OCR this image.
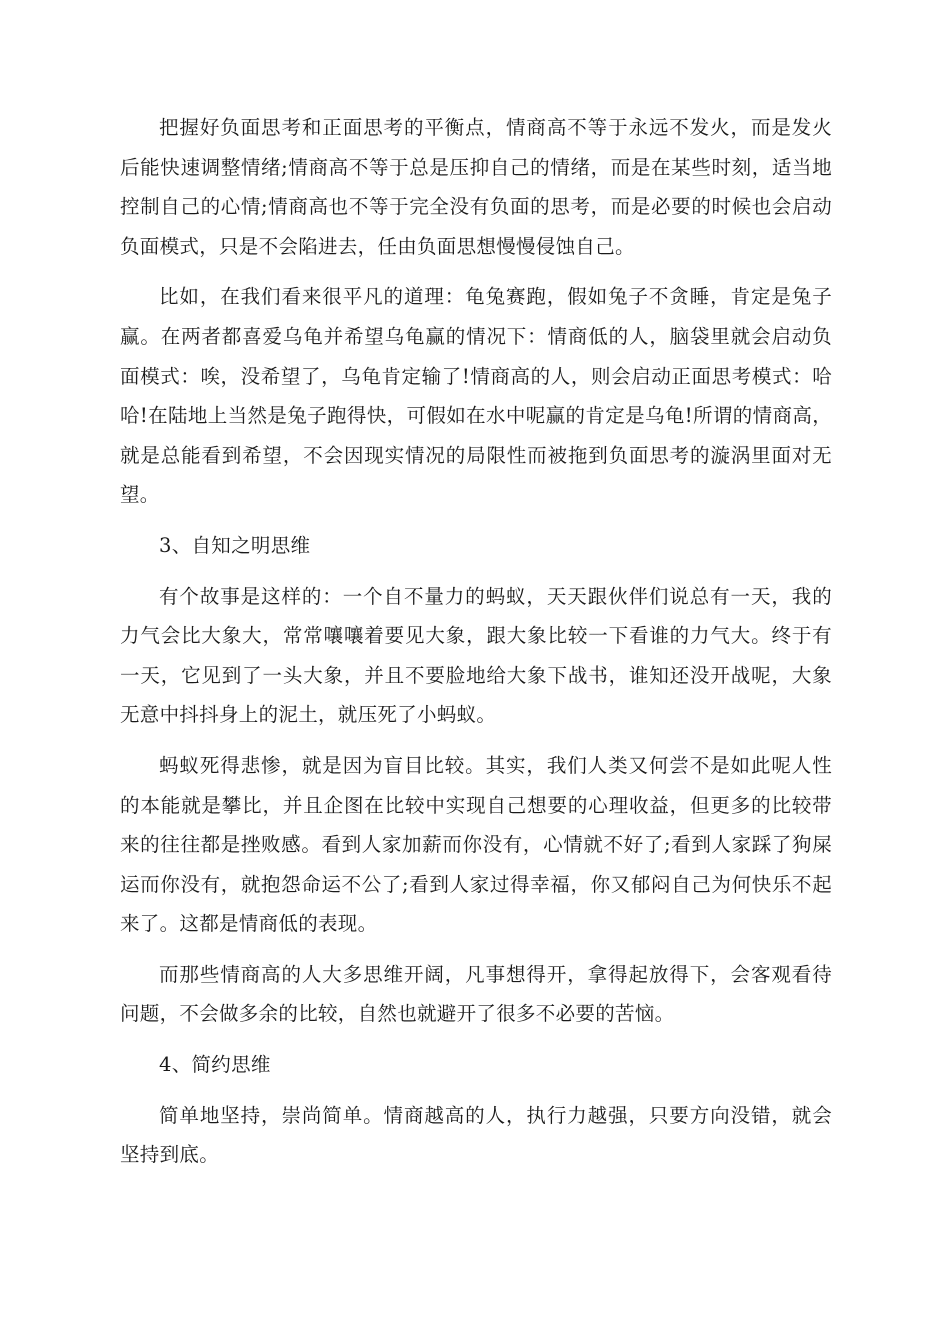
把握好负面思考和正面思考的平衡点，情商高不等于永远不发火，而是发火后能快速调整情绪;情商高不等于总是压抑自己的情绪，而是在某些时刻，适当地控制自己的心情;情商高也不等于完全没有负面的思考，而是必要的时候也会启动负面模式，只是不会陷进去，任由负面思想慢慢侵蚀自己。

比如，在我们看来很平凡的道理：龟兔赛跑，假如兔子不贪睡，肯定是兔子赢。在两者都喜爱乌龟并希望乌龟赢的情况下：情商低的人，脑袋里就会启动负面模式：唉，没希望了，乌龟肯定输了!情商高的人，则会启动正面思考模式：哈哈!在陆地上当然是兔子跑得快，可假如在水中呢赢的肯定是乌龟!所谓的情商高，就是总能看到希望，不会因现实情况的局限性而被拖到负面思考的漩涡里面对无望。

3、自知之明思维

有个故事是这样的：一个自不量力的蚂蚁，天天跟伙伴们说总有一天，我的力气会比大象大，常常嚷嚷着要见大象，跟大象比较一下看谁的力气大。终于有一天，它见到了一头大象，并且不要脸地给大象下战书，谁知还没开战呢，大象无意中抖抖身上的泥土，就压死了小蚂蚁。

蚂蚁死得悲惨，就是因为盲目比较。其实，我们人类又何尝不是如此呢人性的本能就是攀比，并且企图在比较中实现自己想要的心理收益，但更多的比较带来的往往都是挫败感。看到人家加薪而你没有，心情就不好了;看到人家踩了狗屎运而你没有，就抱怨命运不公了;看到人家过得幸福，你又郁闷自己为何快乐不起来了。这都是情商低的表现。

而那些情商高的人大多思维开阔，凡事想得开，拿得起放得下，会客观看待问题，不会做多余的比较，自然也就避开了很多不必要的苦恼。

4、简约思维

简单地坚持，崇尚简单。情商越高的人，执行力越强，只要方向没错，就会坚持到底。
